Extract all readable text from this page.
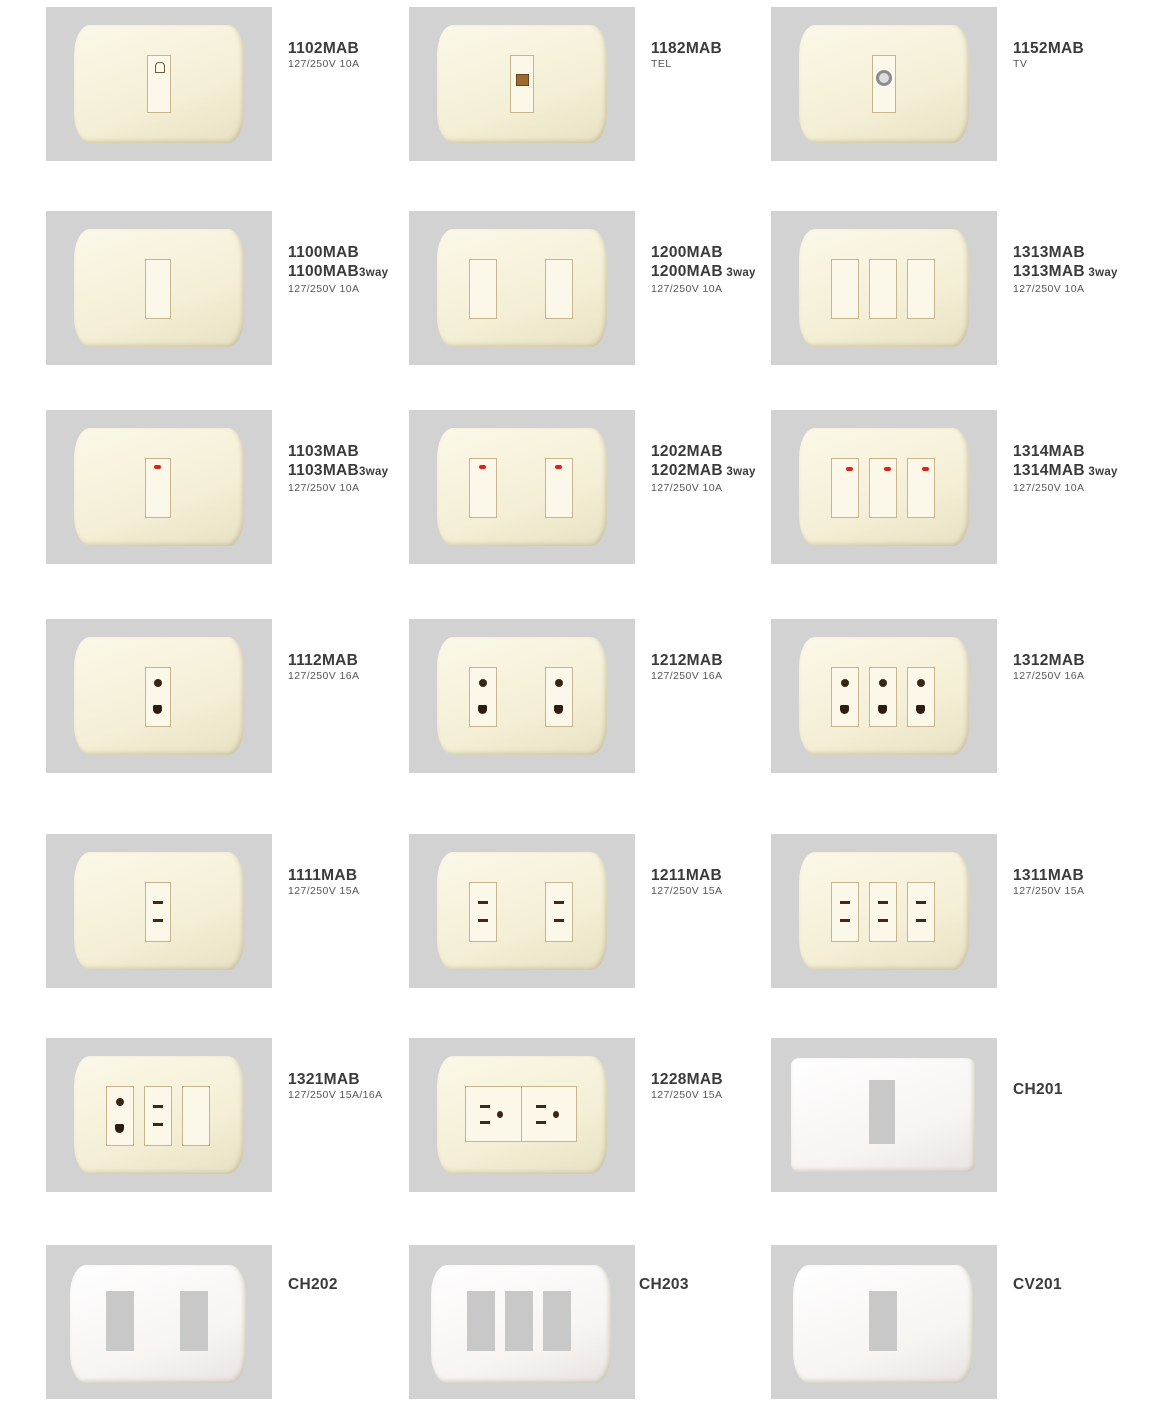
1102MAB
127/250V 10A
1182MAB
TEL
1152MAB
TV
1100MAB
1100MAB3way
127/250V 10A
1200MAB
1200MAB 3way
127/250V 10A
1313MAB
1313MAB 3way
127/250V 10A
1103MAB
1103MAB3way
127/250V 10A
1202MAB
1202MAB 3way
127/250V 10A
1314MAB
1314MAB 3way
127/250V 10A
1112MAB
127/250V 16A
1212MAB
127/250V 16A
1312MAB
127/250V 16A
1111MAB
127/250V 15A
1211MAB
127/250V 15A
1311MAB
127/250V 15A
1321MAB
127/250V 15A/16A
1228MAB
127/250V 15A	CH201
CH202	CH203	CV201
